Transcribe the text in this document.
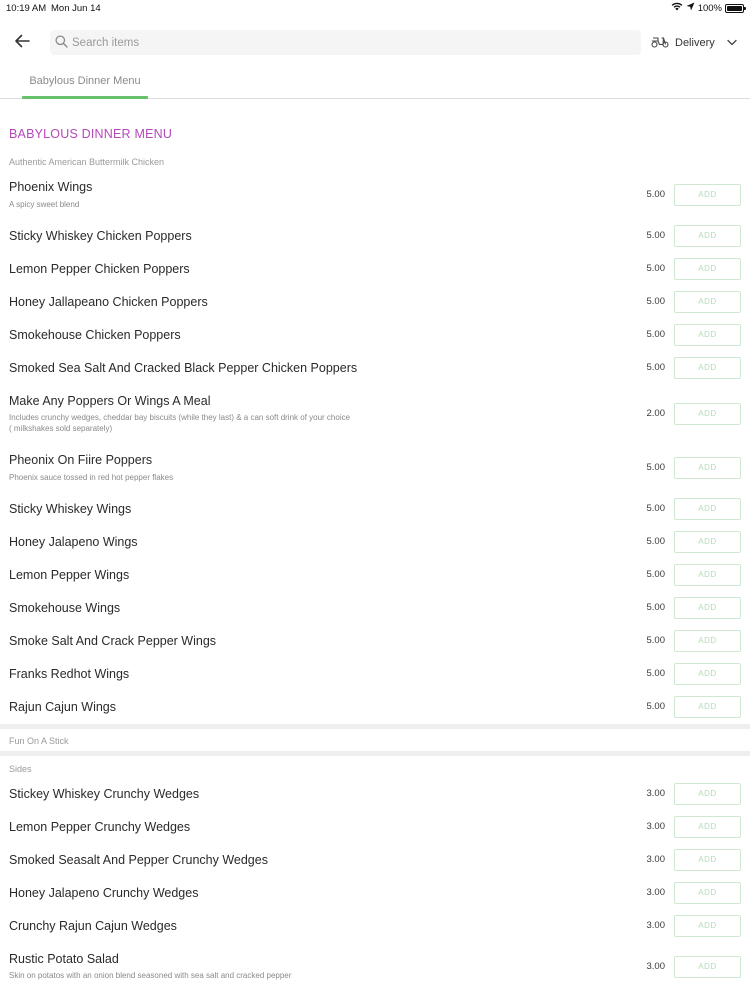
10:19 AM Mon Jun 14	100%
Search items
Delivery
Babylous Dinner Menu
BABYLOUS DINNER MENU
Authentic American Buttermilk Chicken
Phoenix Wings
A spicy sweet blend
5.00	ADD
Sticky Whiskey Chicken Poppers	5.00	ADD
Lemon Pepper Chicken Poppers	5.00	ADD
Honey Jallapeano Chicken Poppers	5.00	ADD
Smokehouse Chicken Poppers	5.00	ADD
Smoked Sea Salt And Cracked Black Pepper Chicken Poppers	5.00	ADD
Make Any Poppers Or Wings A Meal
Includes crunchy wedges, cheddar bay biscuits (while they last) & a can soft drink of your choice
( milkshakes sold separately)
2.00	ADD
Pheonix On Fiire Poppers
Phoenix sauce tossed in red hot pepper flakes
5.00	ADD
Sticky Whiskey Wings	5.00	ADD
Honey Jalapeno Wings	5.00	ADD
Lemon Pepper Wings	5.00	ADD
Smokehouse Wings	5.00	ADD
Smoke Salt And Crack Pepper Wings	5.00	ADD
Franks Redhot Wings	5.00	ADD
Rajun Cajun Wings	5.00	ADD
Fun On A Stick
Sides
Stickey Whiskey Crunchy Wedges	3.00	ADD
Lemon Pepper Crunchy Wedges	3.00	ADD
Smoked Seasalt And Pepper Crunchy Wedges	3.00	ADD
Honey Jalapeno Crunchy Wedges	3.00	ADD
Crunchy Rajun Cajun Wedges	3.00	ADD
Rustic Potato Salad
Skin on potatos with an onion blend seasoned with sea salt and cracked pepper
3.00	ADD
